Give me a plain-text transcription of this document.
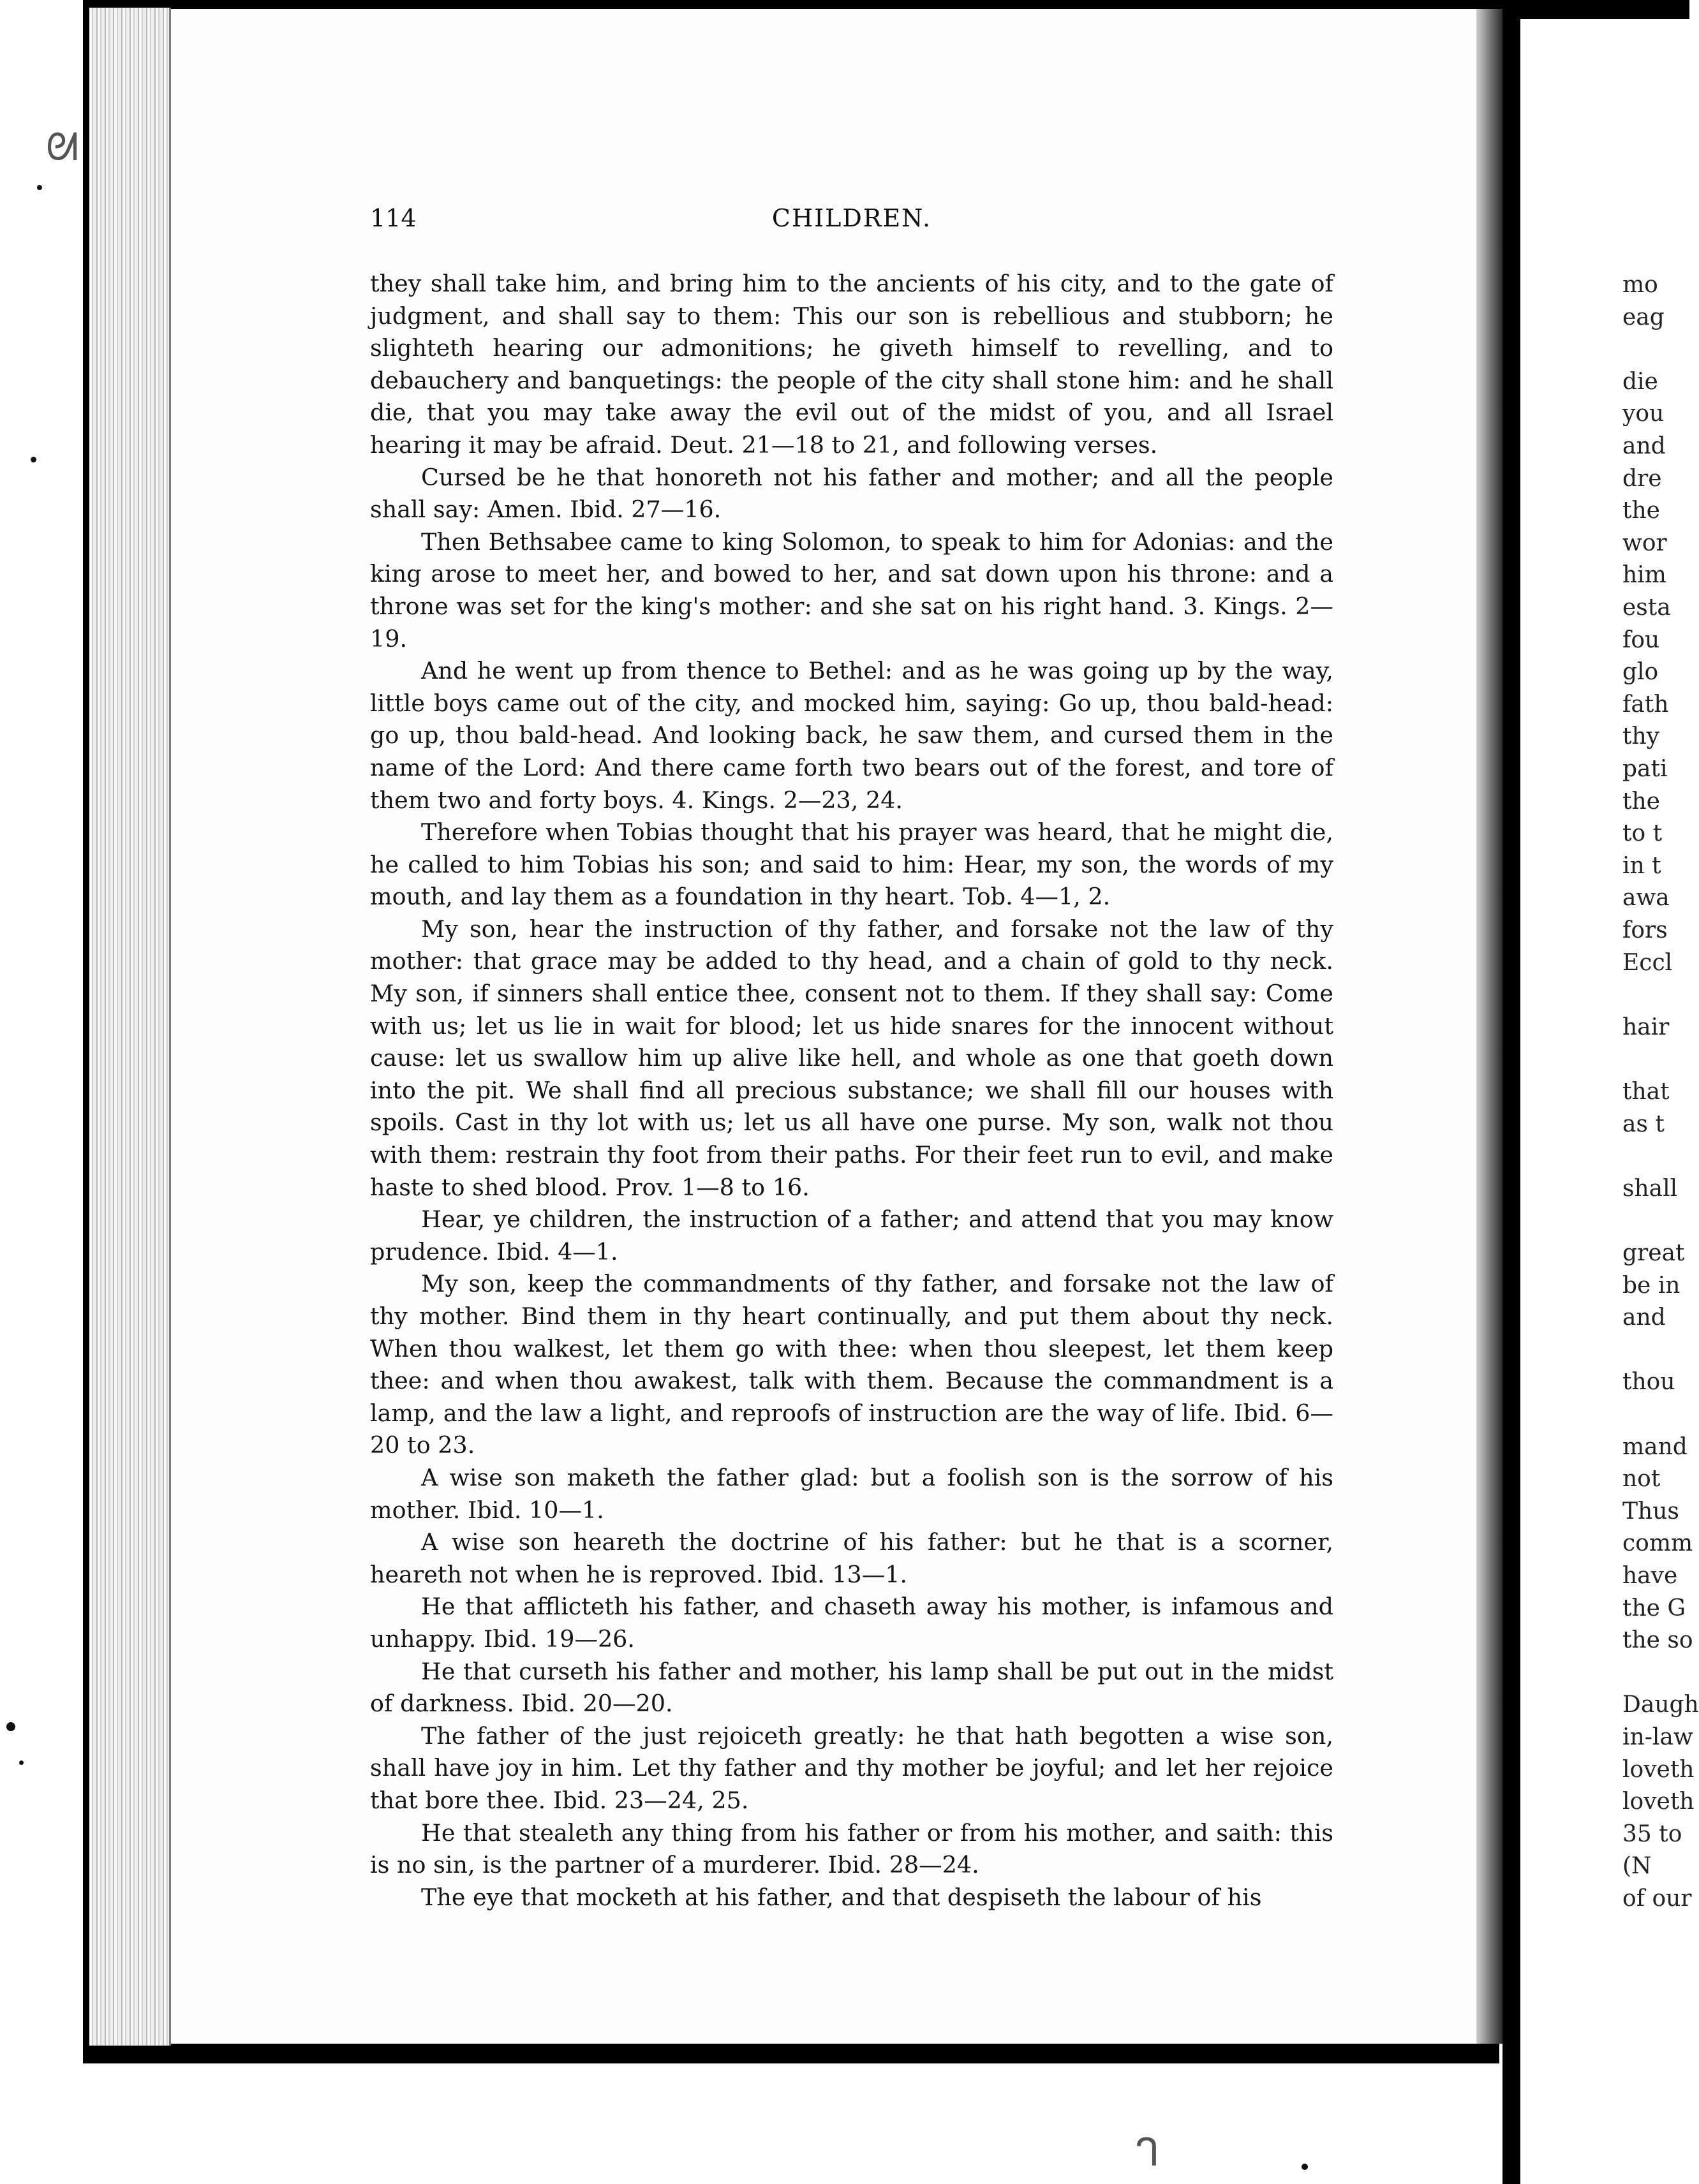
CHILDREN.
114

they shall take him, and bring him to the ancients of his city, and to the gate of judgment, and shall say to them: This our son is rebellious and stubborn; he slighteth hearing our admonitions; he giveth himself to revelling, and to debauchery and banquetings: the people of the city shall stone him: and he shall die, that you may take away the evil out of the midst of you, and all Israel hearing it may be afraid. Deut. 21—18 to 21, and following verses.

Cursed be he that honoreth not his father and mother; and all the people shall say: Amen. Ibid. 27—16.

Then Bethsabee came to king Solomon, to speak to him for Adonias: and the king arose to meet her, and bowed to her, and sat down upon his throne: and a throne was set for the king's mother: and she sat on his right hand. 3. Kings. 2—19.

And he went up from thence to Bethel: and as he was going up by the way, little boys came out of the city, and mocked him, saying: Go up, thou bald-head: go up, thou bald-head. And looking back, he saw them, and cursed them in the name of the Lord: And there came forth two bears out of the forest, and tore of them two and forty boys. 4. Kings. 2—23, 24.

Therefore when Tobias thought that his prayer was heard, that he might die, he called to him Tobias his son; and said to him: Hear, my son, the words of my mouth, and lay them as a foundation in thy heart. Tob. 4—1, 2.

My son, hear the instruction of thy father, and forsake not the law of thy mother: that grace may be added to thy head, and a chain of gold to thy neck. My son, if sinners shall entice thee, consent not to them. If they shall say: Come with us; let us lie in wait for blood; let us hide snares for the innocent without cause: let us swallow him up alive like hell, and whole as one that goeth down into the pit. We shall find all precious substance; we shall fill our houses with spoils. Cast in thy lot with us; let us all have one purse. My son, walk not thou with them: restrain thy foot from their paths. For their feet run to evil, and make haste to shed blood. Prov. 1—8 to 16.

Hear, ye children, the instruction of a father; and attend that you may know prudence. Ibid. 4—1.

My son, keep the commandments of thy father, and forsake not the law of thy mother. Bind them in thy heart continually, and put them about thy neck. When thou walkest, let them go with thee: when thou sleepest, let them keep thee: and when thou awakest, talk with them. Because the commandment is a lamp, and the law a light, and reproofs of instruction are the way of life. Ibid. 6—20 to 23.

A wise son maketh the father glad: but a foolish son is the sorrow of his mother. Ibid. 10—1.

A wise son heareth the doctrine of his father: but he that is a scorner, heareth not when he is reproved. Ibid. 13—1.

He that afflicteth his father, and chaseth away his mother, is infamous and unhappy. Ibid. 19—26.

He that curseth his father and mother, his lamp shall be put out in the midst of darkness. Ibid. 20—20.

The father of the just rejoiceth greatly: he that hath begotten a wise son, shall have joy in him. Let thy father and thy mother be joyful; and let her rejoice that bore thee. Ibid. 23—24, 25.

He that stealeth any thing from his father or from his mother, and saith: this is no sin, is the partner of a murderer. Ibid. 28—24.

The eye that mocketh at his father, and that despiseth the labour of his

mo
eag
die
you
and
dre
the
wor
him
esta
fou
glo
fath
thy
pati
the
to t
in t
awa
fors
Eccl
hair
that
as t
shall
great
be in
and
thou
mand
not
Thus
comm
have
the G
the so
Daugh
in-law
loveth
loveth
35 to
(N
of our
ᘛ
ᒉ
